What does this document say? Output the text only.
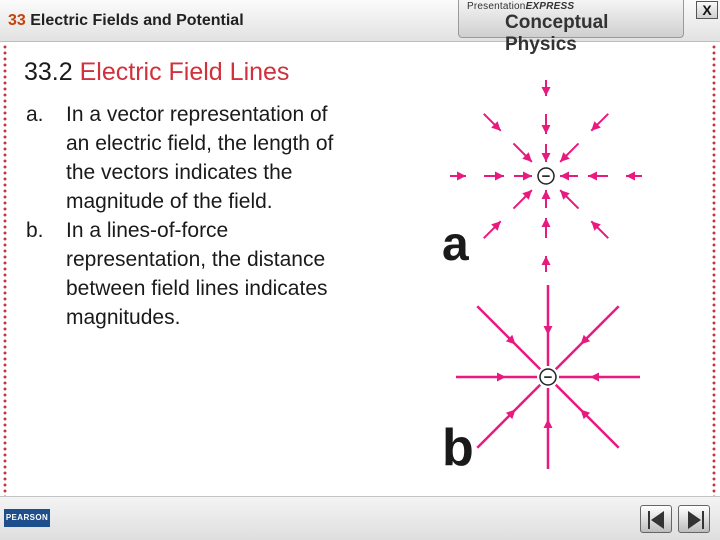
33 Electric Fields and Potential
PresentationEXPRESS
Conceptual Physics
X
33.2 Electric Field Lines
a. In a vector representation of
an electric field, the length of
the vectors indicates the
magnitude of the field.
b. In a lines-of-force
representation, the distance
between field lines indicates
magnitudes.
−
−
a
b
PEARSON
